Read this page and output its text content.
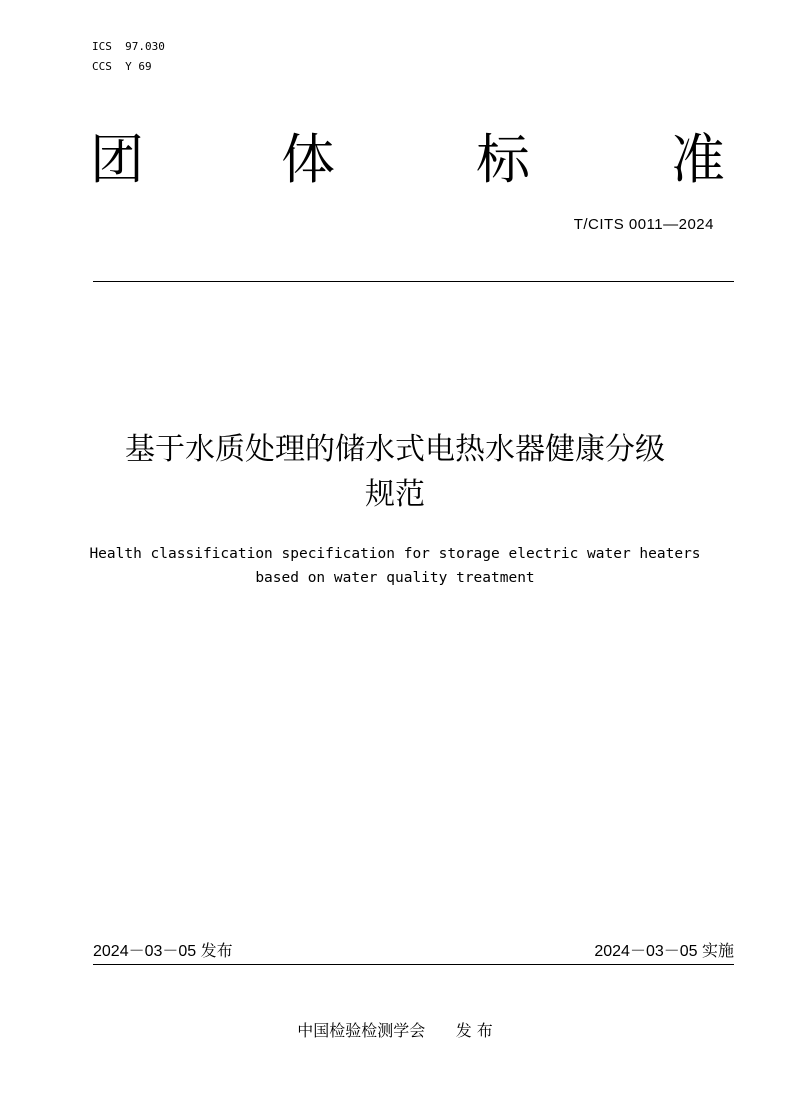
ICS  97.030
CCS  Y 69
团	体	标	准
T/CITS 0011—2024
基于水质处理的储水式电热水器健康分级
规范
Health classification specification for storage electric water heaters
based on water quality treatment
2024－03－05 发布	2024－03－05 实施
中国检验检测学会      发 布
